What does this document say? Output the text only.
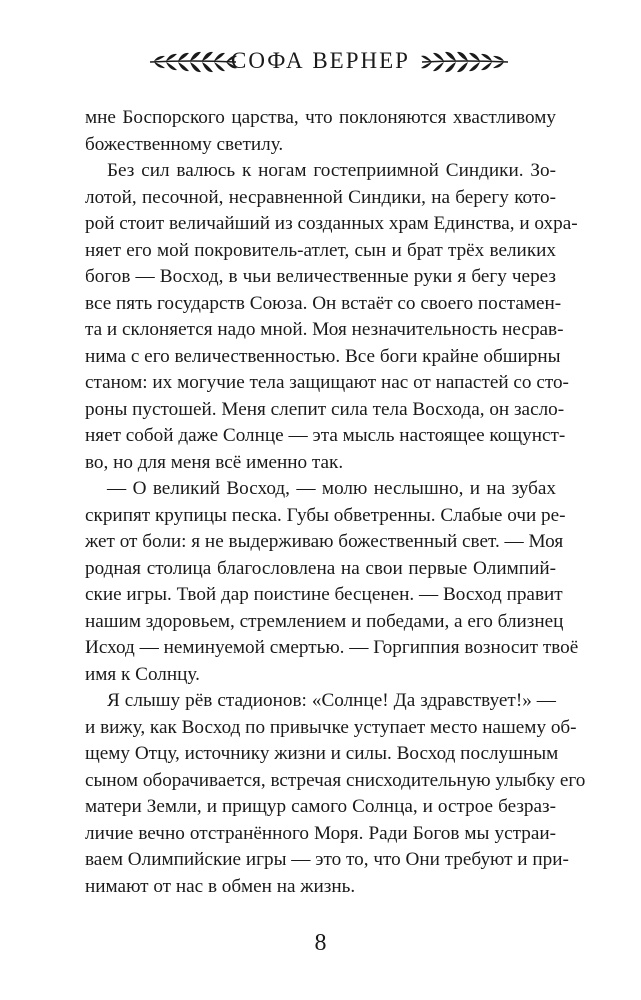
СОФА ВЕРНЕР

мне Боспорского царства, что поклоняются хвастливому
божественному светилу.

Без сил валюсь к ногам гостеприимной Синдики. Зо-
лотой, песочной, несравненной Синдики, на берегу кото-
рой стоит величайший из созданных храм Единства, и охра-
няет его мой покровитель-атлет, сын и брат трёх великих
богов — Восход, в чьи величественные руки я бегу через
все пять государств Союза. Он встаёт со своего постамен-
та и склоняется надо мной. Моя незначительность несрав-
нима с его величественностью. Все боги крайне обширны
станом: их могучие тела защищают нас от напастей со сто-
роны пустошей. Меня слепит сила тела Восхода, он засло-
няет собой даже Солнце — эта мысль настоящее кощунст-
во, но для меня всё именно так.

— О великий Восход, — молю неслышно, и на зубах
скрипят крупицы песка. Губы обветренны. Слабые очи ре-
жет от боли: я не выдерживаю божественный свет. — Моя
родная столица благословлена на свои первые Олимпий-
ские игры. Твой дар поистине бесценен. — Восход правит
нашим здоровьем, стремлением и победами, а его близнец
Исход — неминуемой смертью. — Горгиппия возносит твоё
имя к Солнцу.

Я слышу рёв стадионов: «Солнце! Да здравствует!» —
и вижу, как Восход по привычке уступает место нашему об-
щему Отцу, источнику жизни и силы. Восход послушным
сыном оборачивается, встречая снисходительную улыбку его
матери Земли, и прищур самого Солнца, и острое безраз-
личие вечно отстранённого Моря. Ради Богов мы устраи-
ваем Олимпийские игры — это то, что Они требуют и при-
нимают от нас в обмен на жизнь.

8
